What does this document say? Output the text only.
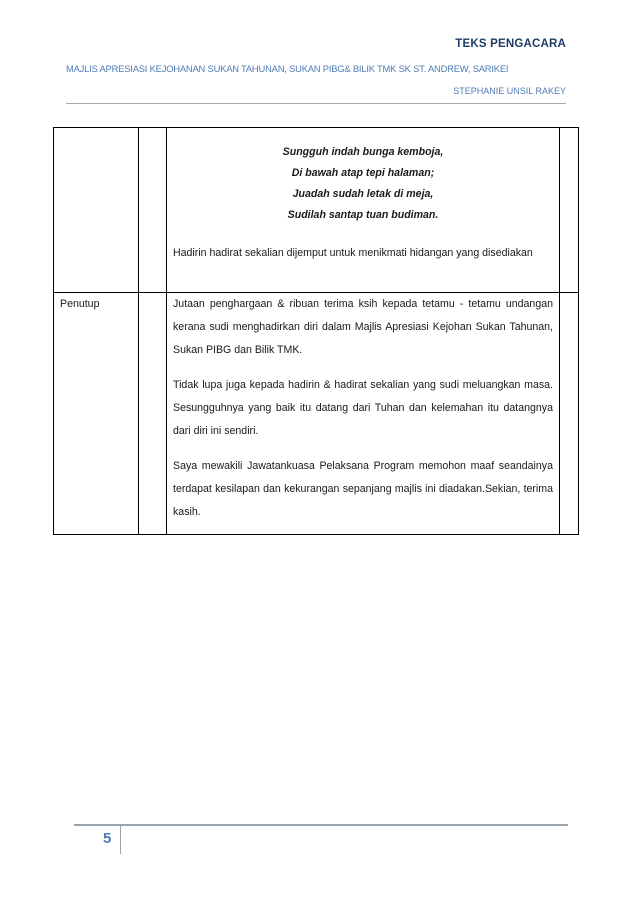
TEKS PENGACARA
MAJLIS APRESIASI KEJOHANAN SUKAN TAHUNAN, SUKAN PIBG& BILIK TMK SK ST. ANDREW, SARIKEI
STEPHANIE UNSIL RAKEY

		Sungguh indah bunga kemboja,
Di bawah atap tepi halaman;
Juadah sudah letak di meja,
Sudilah santap tuan budiman.

Hadirin hadirat sekalian dijemput untuk menikmati hidangan yang disediakan	

Penutup		Jutaan penghargaan & ribuan terima ksih kepada tetamu - tetamu undangan kerana sudi menghadirkan diri dalam Majlis Apresiasi Kejohan Sukan Tahunan, Sukan PIBG dan Bilik TMK.

Tidak lupa juga kepada hadirin & hadirat sekalian yang sudi meluangkan masa. Sesungguhnya yang baik itu datang dari Tuhan dan kelemahan itu datangnya dari diri ini sendiri.

Saya mewakili Jawatankuasa Pelaksana Program memohon maaf seandainya terdapat kesilapan dan kekurangan sepanjang majlis ini diadakan.Sekian, terima kasih.	

5
